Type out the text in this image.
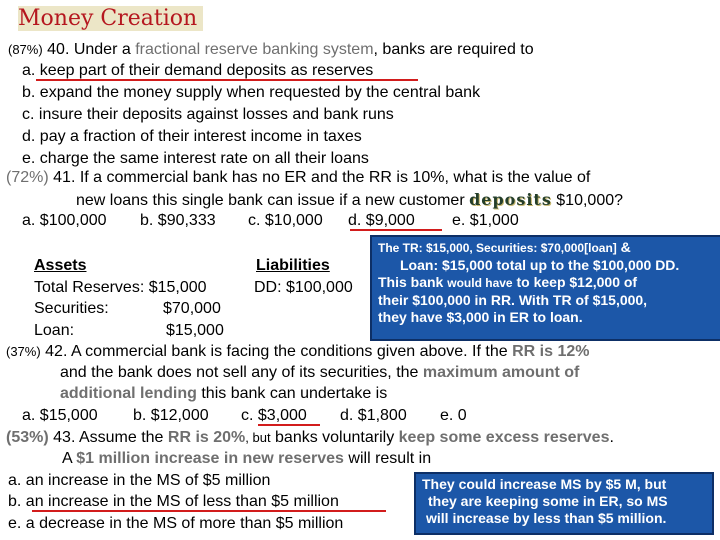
Money Creation
(87%) 40. Under a fractional reserve banking system, banks are required to
a. keep part of their demand deposits as reserves
b. expand the money supply when requested by the central bank
c. insure their deposits against losses and bank runs
d. pay a fraction of their interest income in taxes
e. charge the same interest rate on all their loans
(72%) 41. If a commercial bank has no ER and the RR is 10%, what is the value of
new loans this single bank can issue if a new customer deposits $10,000?
a. $100,000 b. $90,333 c. $10,000 d. $9,000 e. $1,000
Assets	Liabilities
Total Reserves: $15,000	DD: $100,000
Securities:	$70,000
Loan:	$15,000
The TR: $15,000, Securities: $70,000[loan] &
Loan: $15,000 total up to the $100,000 DD.
This bank would have to keep $12,000 of
their $100,000 in RR. With TR of $15,000,
they have $3,000 in ER to loan.
(37%) 42. A commercial bank is facing the conditions given above. If the RR is 12%
and the bank does not sell any of its securities, the maximum amount of
additional lending this bank can undertake is
a. $15,000 b. $12,000 c. $3,000 d. $1,800 e. 0
(53%) 43. Assume the RR is 20%, but banks voluntarily keep some excess reserves.
A $1 million increase in new reserves will result in
a. an increase in the MS of $5 million
b. an increase in the MS of less than $5 million
e. a decrease in the MS of more than $5 million
They could increase MS by $5 M, but
they are keeping some in ER, so MS
will increase by less than $5 million.
